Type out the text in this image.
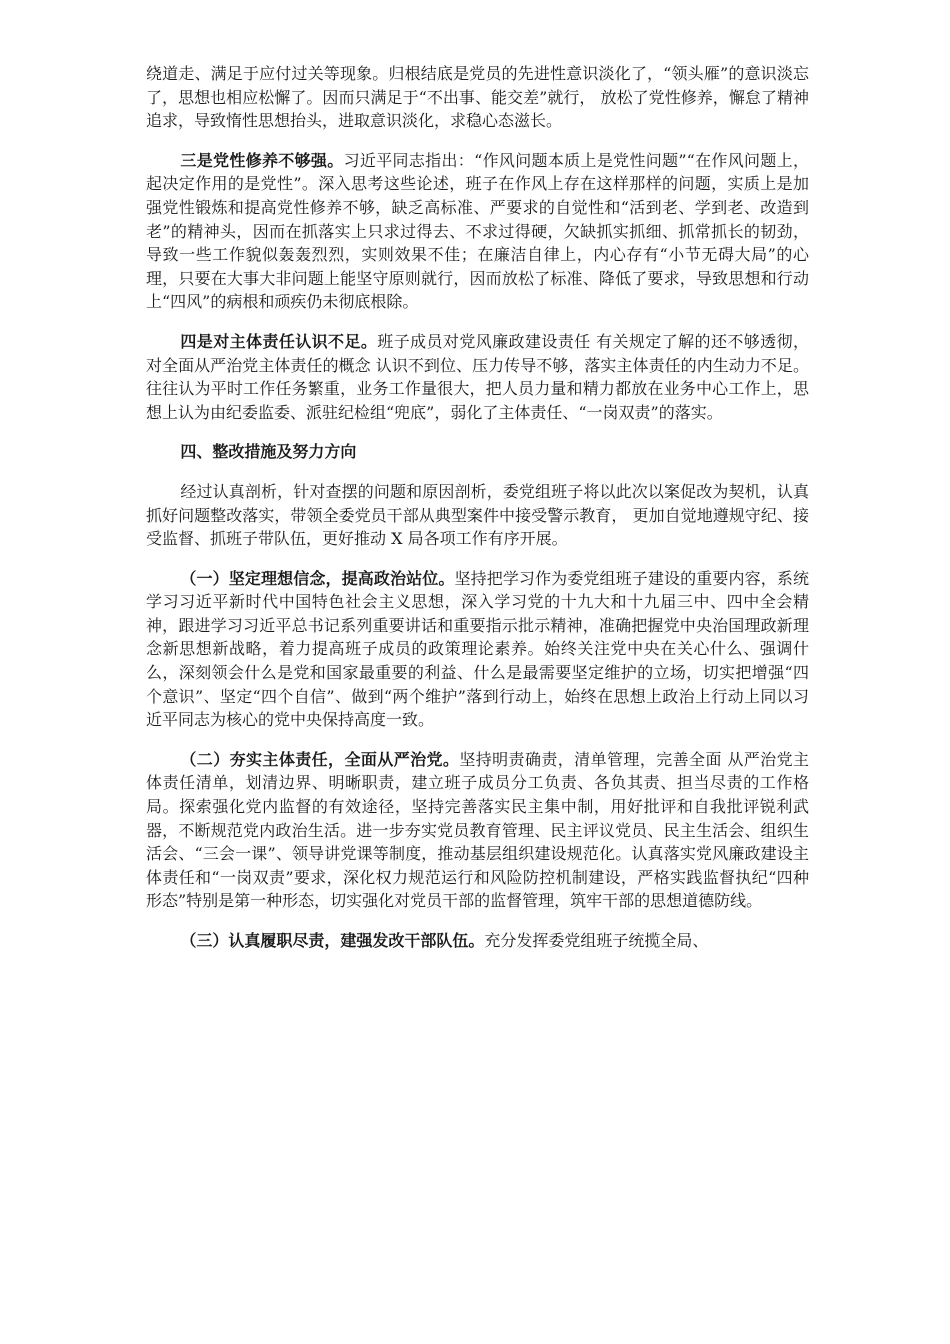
绕道走、满足于应付过关等现象。归根结底是党员的先进性意识淡化了，“领头雁”的意识淡忘了，思想也相应松懈了。因而只满足于“不出事、能交差”就行， 放松了党性修养，懈怠了精神追求，导致惰性思想抬头，进取意识淡化，求稳心态滋长。

三是党性修养不够强。习近平同志指出：“作风问题本质上是党性问题”“在作风问题上，起决定作用的是党性”。深入思考这些论述，班子在作风上存在这样那样的问题，实质上是加强党性锻炼和提高党性修养不够，缺乏高标准、严要求的自觉性和“活到老、学到老、改造到老”的精神头，因而在抓落实上只求过得去、不求过得硬，欠缺抓实抓细、抓常抓长的韧劲，导致一些工作貌似轰轰烈烈，实则效果不佳；在廉洁自律上，内心存有“小节无碍大局”的心理，只要在大事大非问题上能坚守原则就行，因而放松了标准、降低了要求，导致思想和行动上“四风”的病根和顽疾仍未彻底根除。

四是对主体责任认识不足。班子成员对党风廉政建设责任 有关规定了解的还不够透彻，对全面从严治党主体责任的概念 认识不到位、压力传导不够，落实主体责任的内生动力不足。 往往认为平时工作任务繁重，业务工作量很大，把人员力量和精力都放在业务中心工作上，思想上认为由纪委监委、派驻纪检组“兜底”，弱化了主体责任、“一岗双责”的落实。

四、整改措施及努力方向

经过认真剖析，针对查摆的问题和原因剖析，委党组班子将以此次以案促改为契机，认真抓好问题整改落实，带领全委党员干部从典型案件中接受警示教育， 更加自觉地遵规守纪、接受监督、抓班子带队伍，更好推动 X 局各项工作有序开展。

（一）坚定理想信念，提高政治站位。坚持把学习作为委党组班子建设的重要内容，系统学习习近平新时代中国特色社会主义思想，深入学习党的十九大和十九届三中、四中全会精神，跟进学习习近平总书记系列重要讲话和重要指示批示精神，准确把握党中央治国理政新理念新思想新战略，着力提高班子成员的政策理论素养。始终关注党中央在关心什么、强调什么，深刻领会什么是党和国家最重要的利益、什么是最需要坚定维护的立场，切实把增强“四个意识”、坚定“四个自信”、做到“两个维护”落到行动上，始终在思想上政治上行动上同以习近平同志为核心的党中央保持高度一致。

（二）夯实主体责任，全面从严治党。坚持明责确责，清单管理，完善全面 从严治党主体责任清单，划清边界、明晰职责，建立班子成员分工负责、各负其责、担当尽责的工作格局。探索强化党内监督的有效途径，坚持完善落实民主集中制，用好批评和自我批评锐利武器，不断规范党内政治生活。进一步夯实党员教育管理、民主评议党员、民主生活会、组织生活会、“三会一课”、领导讲党课等制度，推动基层组织建设规范化。认真落实党风廉政建设主体责任和“一岗双责”要求，深化权力规范运行和风险防控机制建设，严格实践监督执纪“四种形态”特别是第一种形态，切实强化对党员干部的监督管理，筑牢干部的思想道德防线。

（三）认真履职尽责，建强发改干部队伍。充分发挥委党组班子统揽全局、
